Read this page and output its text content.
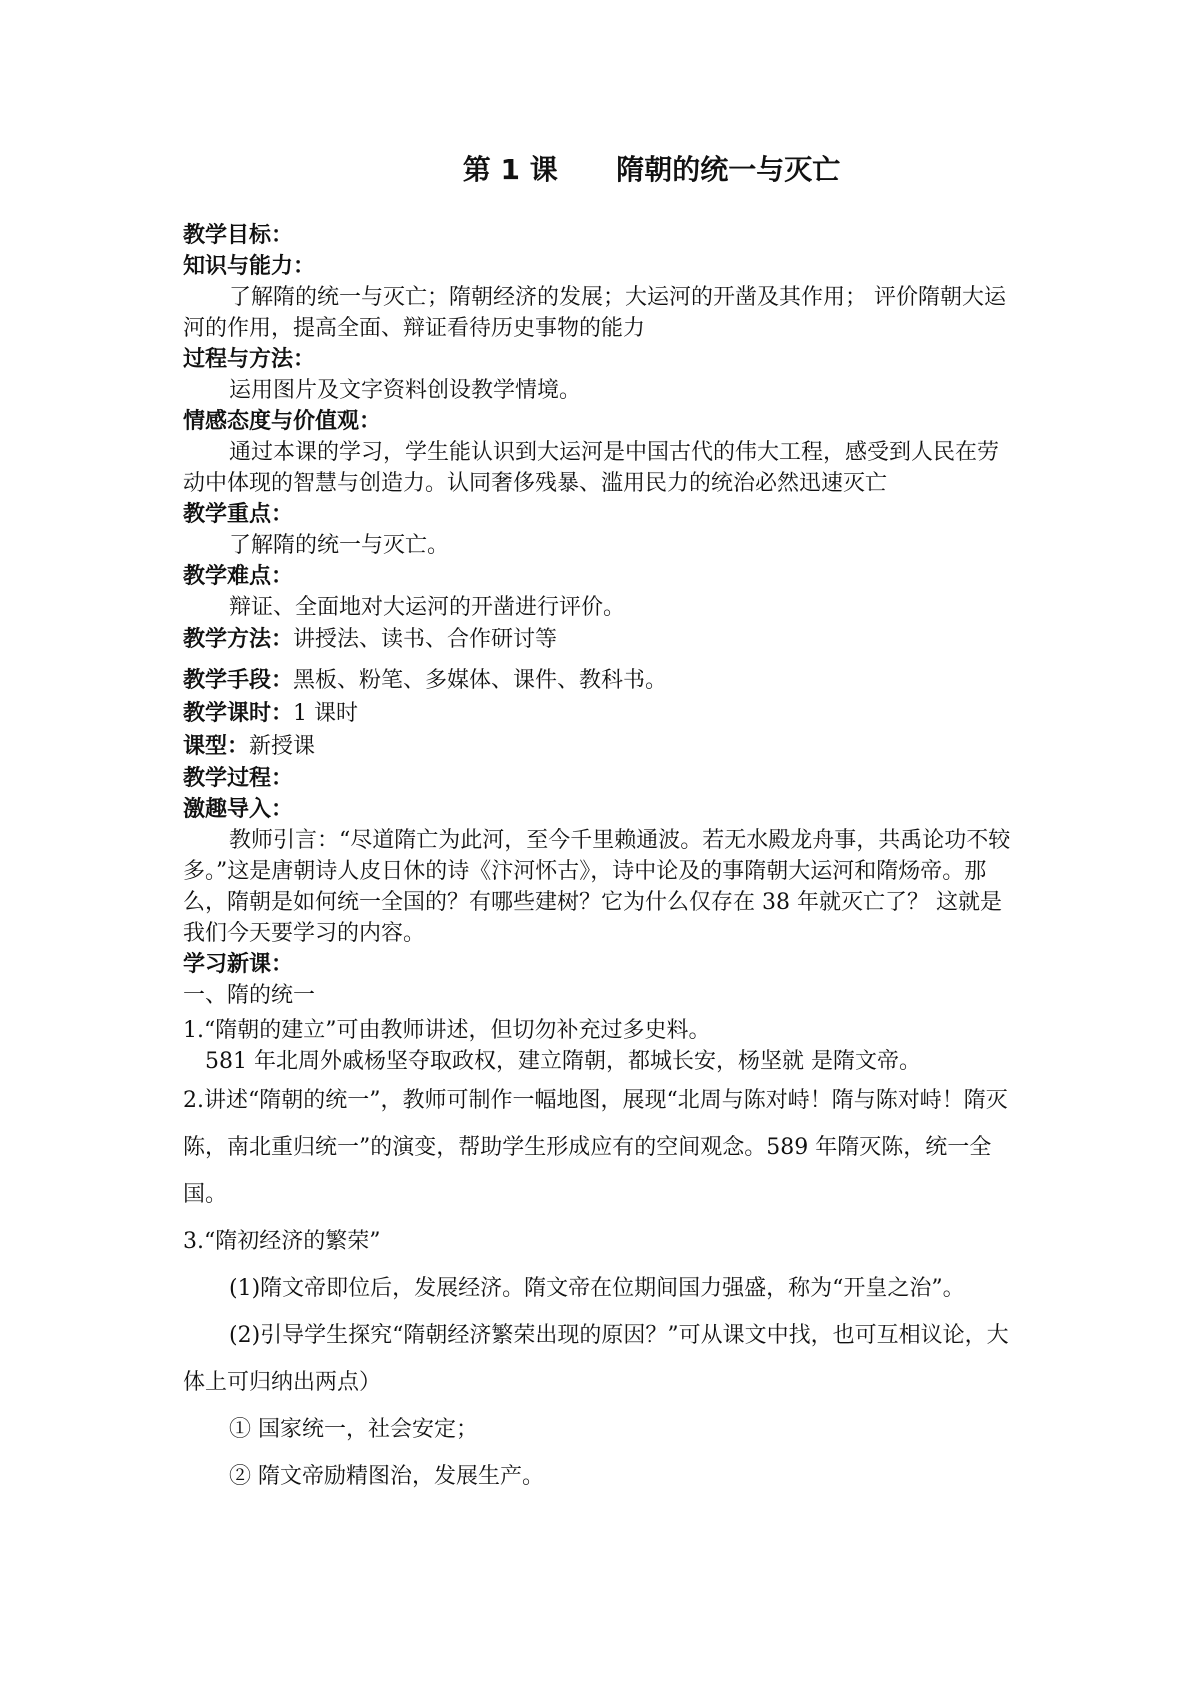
第 1 课      隋朝的统一与灭亡
教学目标：
知识与能力：
了解隋的统一与灭亡；隋朝经济的发展；大运河的开凿及其作用； 评价隋朝大运河的作用，提高全面、辩证看待历史事物的能力
过程与方法：
运用图片及文字资料创设教学情境。
情感态度与价值观：
通过本课的学习，学生能认识到大运河是中国古代的伟大工程，感受到人民在劳动中体现的智慧与创造力。认同奢侈残暴、滥用民力的统治必然迅速灭亡
教学重点：
了解隋的统一与灭亡。
教学难点：
辩证、全面地对大运河的开凿进行评价。
教学方法：讲授法、读书、合作研讨等
教学手段：黑板、粉笔、多媒体、课件、教科书。
教学课时：1 课时
课型：新授课
教学过程：
激趣导入：
教师引言：“尽道隋亡为此河，至今千里赖通波。若无水殿龙舟事，共禹论功不较多。”这是唐朝诗人皮日休的诗《汴河怀古》，诗中论及的事隋朝大运河和隋炀帝。那么，隋朝是如何统一全国的？有哪些建树？它为什么仅存在 38 年就灭亡了？ 这就是我们今天要学习的内容。
学习新课：
一、隋的统一
1.“隋朝的建立”可由教师讲述，但切勿补充过多史料。
581 年北周外戚杨坚夺取政权，建立隋朝，都城长安，杨坚就 是隋文帝。
2.讲述“隋朝的统一”，教师可制作一幅地图，展现“北周与陈对峙！隋与陈对峙！隋灭陈，南北重归统一”的演变，帮助学生形成应有的空间观念。589 年隋灭陈，统一全国。
3.“隋初经济的繁荣”
(1)隋文帝即位后，发展经济。隋文帝在位期间国力强盛，称为“开皇之治”。
(2)引导学生探究“隋朝经济繁荣出现的原因？”可从课文中找，也可互相议论，大体上可归纳出两点）
① 国家统一，社会安定；
② 隋文帝励精图治，发展生产。
